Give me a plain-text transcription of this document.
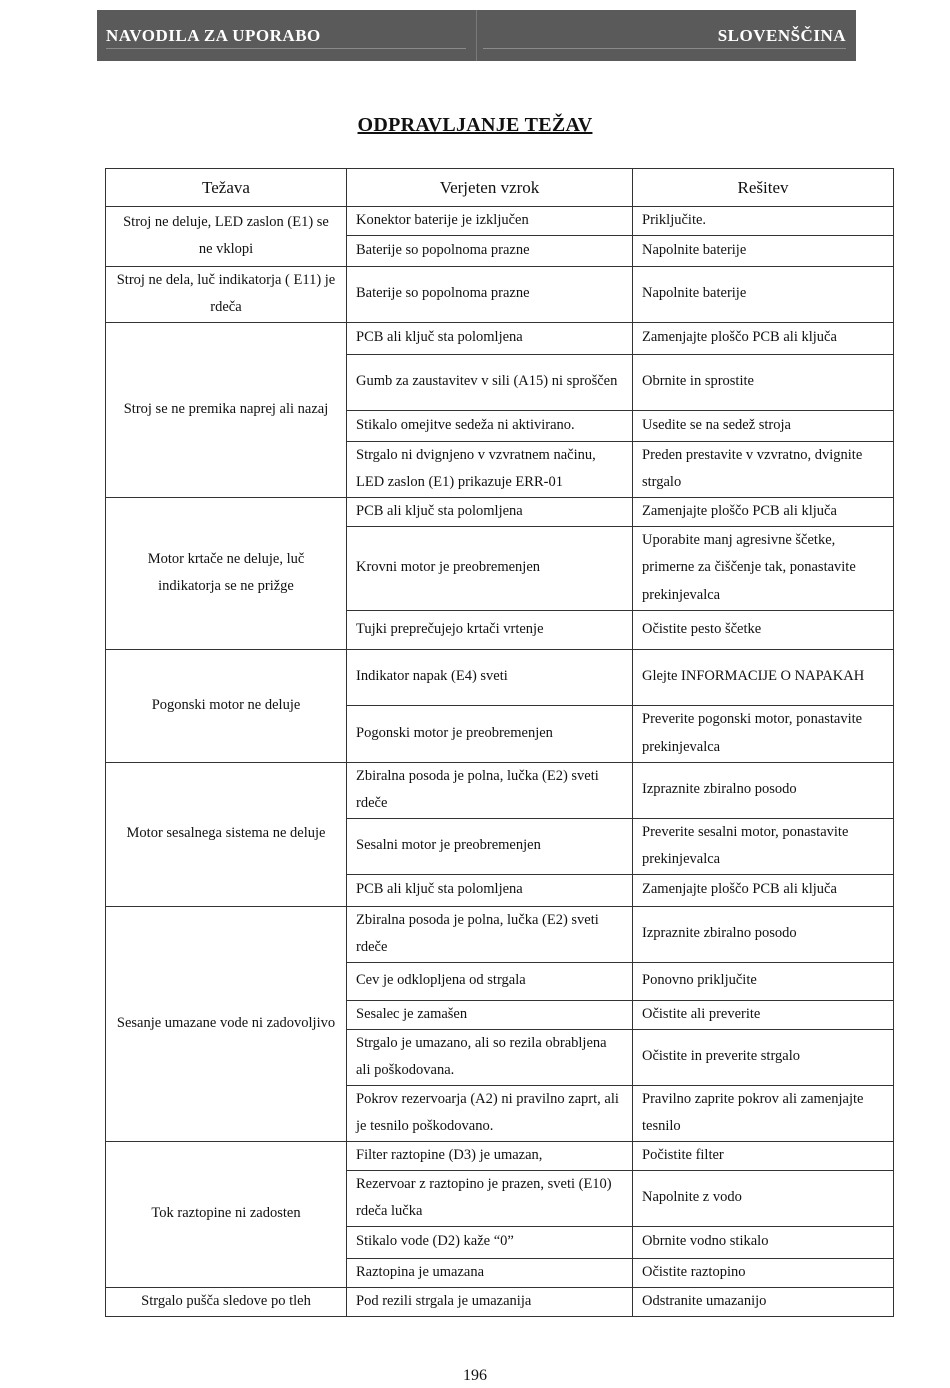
NAVODILA ZA UPORABO	SLOVENŠČINA
ODPRAVLJANJE TEŽAV
Težava	Verjeten vzrok	Rešitev
Stroj ne deluje, LED zaslon (E1) se ne vklopi	Konektor baterije je izključen	Priključite.
	Baterije so popolnoma prazne	Napolnite baterije
Stroj ne dela, luč indikatorja ( E11) je rdeča	Baterije so popolnoma prazne	Napolnite baterije
Stroj se ne premika naprej ali nazaj	PCB ali ključ sta polomljena	Zamenjajte ploščo PCB ali ključa
	Gumb za zaustavitev v sili (A15) ni sproščen	Obrnite in sprostite
	Stikalo omejitve sedeža ni aktivirano.	Usedite se na sedež stroja
	Strgalo ni dvignjeno v vzvratnem načinu, LED zaslon (E1) prikazuje ERR-01	Preden prestavite v vzvratno, dvignite strgalo
Motor krtače ne deluje, luč indikatorja se ne prižge	PCB ali ključ sta polomljena	Zamenjajte ploščo PCB ali ključa
	Krovni motor je preobremenjen	Uporabite manj agresivne ščetke, primerne za čiščenje tak, ponastavite prekinjevalca
	Tujki preprečujejo krtači vrtenje	Očistite pesto ščetke
Pogonski motor ne deluje	Indikator napak (E4) sveti	Glejte INFORMACIJE O NAPAKAH
	Pogonski motor je preobremenjen	Preverite pogonski motor, ponastavite prekinjevalca
Motor sesalnega sistema ne deluje	Zbiralna posoda je polna, lučka (E2) sveti rdeče	Izpraznite zbiralno posodo
	Sesalni motor je preobremenjen	Preverite sesalni motor, ponastavite prekinjevalca
	PCB ali ključ sta polomljena	Zamenjajte ploščo PCB ali ključa
Sesanje umazane vode ni zadovoljivo	Zbiralna posoda je polna, lučka (E2) sveti rdeče	Izpraznite zbiralno posodo
	Cev je odklopljena od strgala	Ponovno priključite
	Sesalec je zamašen	Očistite ali preverite
	Strgalo je umazano, ali so rezila obrabljena ali poškodovana.	Očistite in preverite strgalo
	Pokrov rezervoarja (A2) ni pravilno zaprt, ali je tesnilo poškodovano.	Pravilno zaprite pokrov ali zamenjajte tesnilo
Tok raztopine ni zadosten	Filter raztopine (D3) je umazan,	Počistite filter
	Rezervoar z raztopino je prazen, sveti (E10) rdeča lučka	Napolnite z vodo
	Stikalo vode (D2) kaže “0”	Obrnite vodno stikalo
	Raztopina je umazana	Očistite raztopino
Strgalo pušča sledove po tleh	Pod rezili strgala je umazanija	Odstranite umazanijo
196
